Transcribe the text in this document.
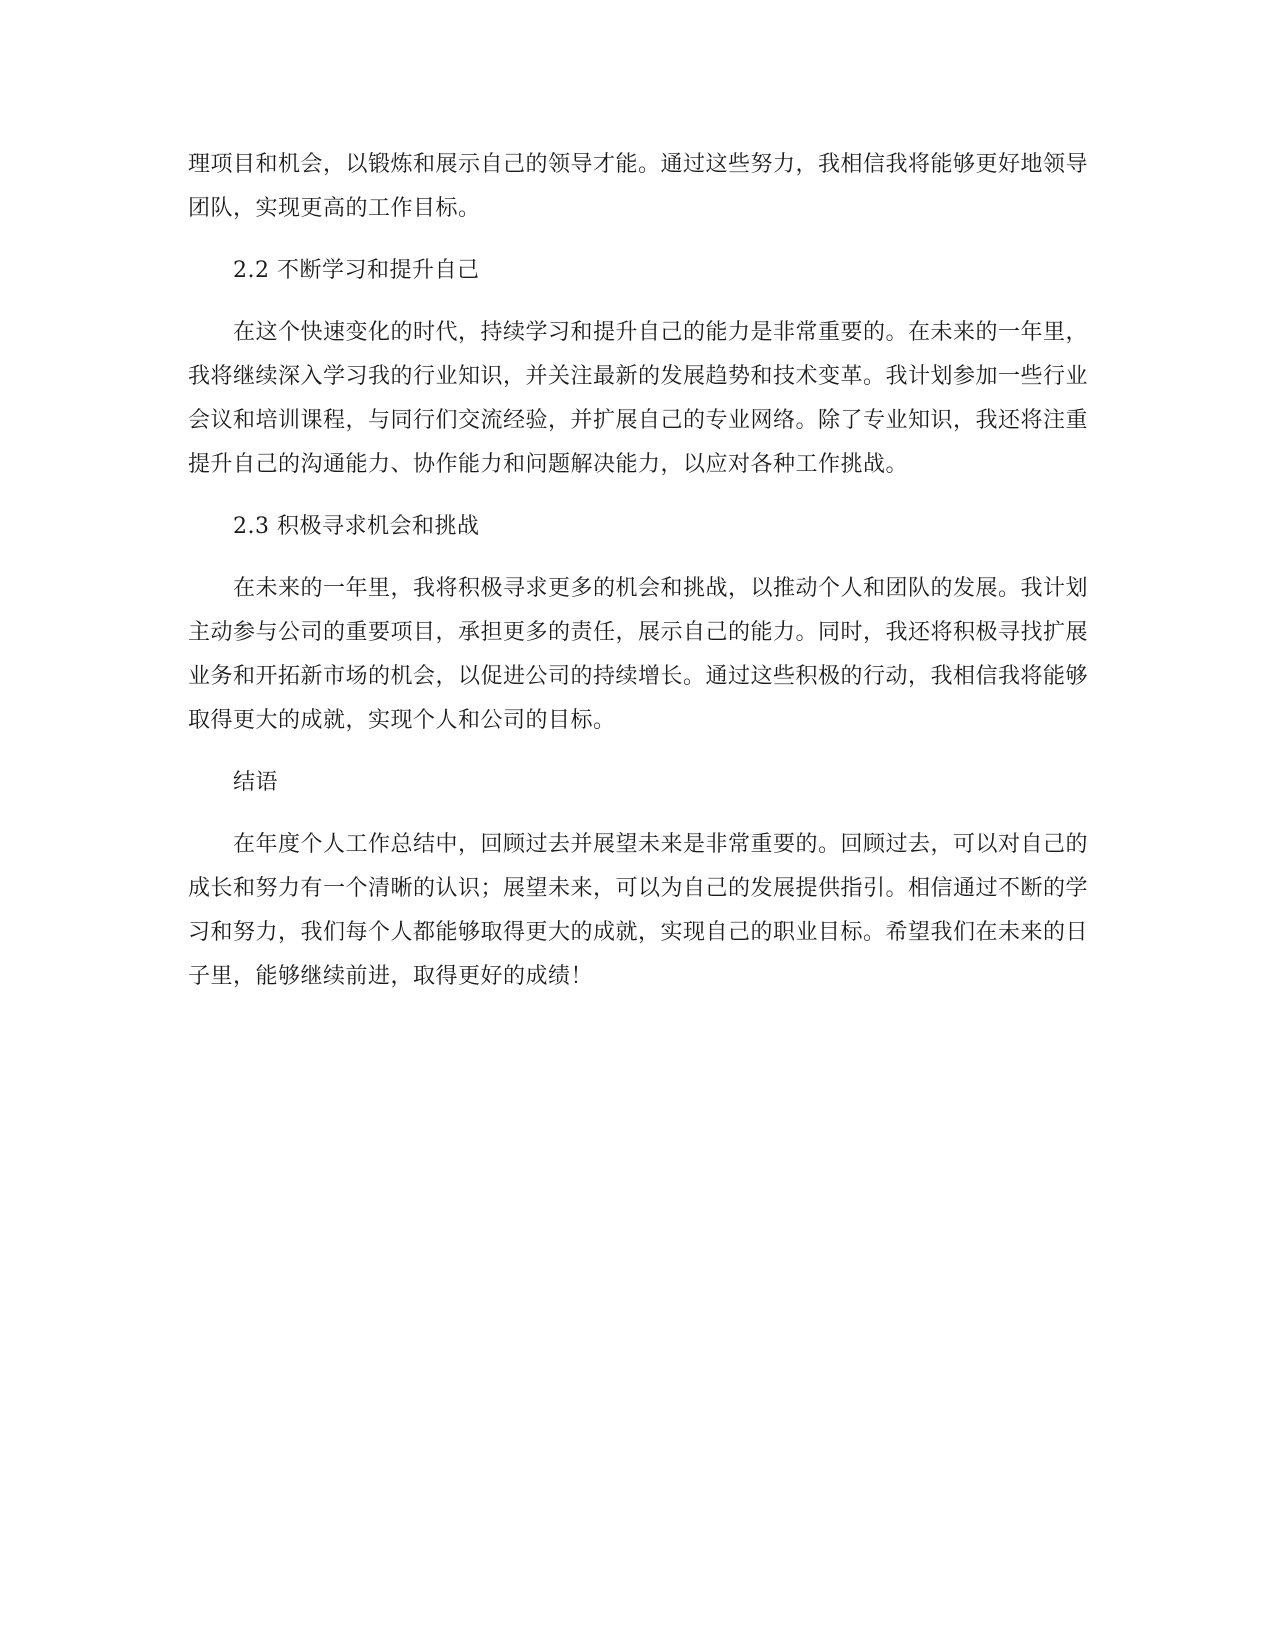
理项目和机会，以锻炼和展示自己的领导才能。通过这些努力，我相信我将能够更好地领导团队，实现更高的工作目标。

2.2 不断学习和提升自己

在这个快速变化的时代，持续学习和提升自己的能力是非常重要的。在未来的一年里，我将继续深入学习我的行业知识，并关注最新的发展趋势和技术变革。我计划参加一些行业会议和培训课程，与同行们交流经验，并扩展自己的专业网络。除了专业知识，我还将注重提升自己的沟通能力、协作能力和问题解决能力，以应对各种工作挑战。

2.3 积极寻求机会和挑战

在未来的一年里，我将积极寻求更多的机会和挑战，以推动个人和团队的发展。我计划主动参与公司的重要项目，承担更多的责任，展示自己的能力。同时，我还将积极寻找扩展业务和开拓新市场的机会，以促进公司的持续增长。通过这些积极的行动，我相信我将能够取得更大的成就，实现个人和公司的目标。

结语

在年度个人工作总结中，回顾过去并展望未来是非常重要的。回顾过去，可以对自己的成长和努力有一个清晰的认识；展望未来，可以为自己的发展提供指引。相信通过不断的学习和努力，我们每个人都能够取得更大的成就，实现自己的职业目标。希望我们在未来的日子里，能够继续前进，取得更好的成绩！
